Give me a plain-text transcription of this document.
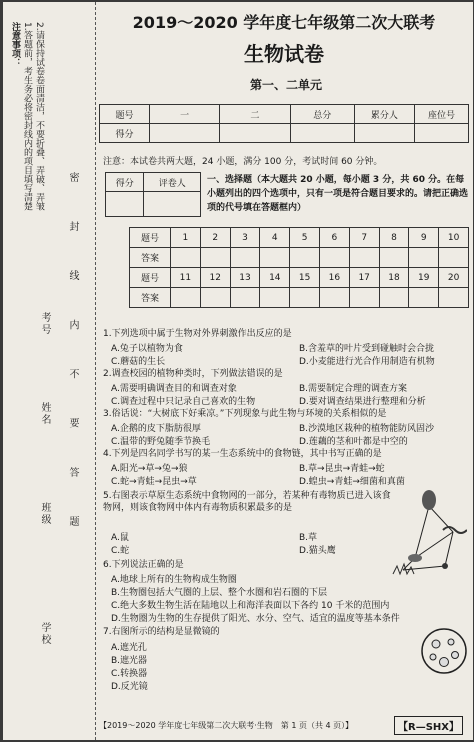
注意事项： 1.答题前，考生务必将密封线内的项目填写清楚 2.请保持试卷卷面清洁，不要折叠、弄破、弄皱
学校
班级
姓名
考号 密 封 线 内 不 要 答 题
2019～2020 学年度七年级第二次大联考
生物试卷
第一、二单元
题号	一	二	总分	累分人	座位号
得分					
注意：本试卷共两大题，24 小题，满分 100 分，考试时间 60 分钟。
得分	评卷人
	一、选择题（本大题共 20 小题，每小题 3 分，共 60 分。在每小题列出的四个选项中，只有一项是符合题目要求的。请把正确选项的代号填在答题框内）
题号	1	2	3	4	5	6	7	8	9	10
答案										
题号	11	12	13	14	15	16	17	18	19	20
答案										
1.下列选项中属于生物对外界刺激作出反应的是
A.兔子以植物为食	B.含羞草的叶片受到碰触时会合拢
C.蘑菇的生长	D.小麦能进行光合作用制造有机物
2.调查校园的植物种类时，下列做法错误的是
A.需要明确调查目的和调查对象	B.需要制定合理的调查方案
C.调查过程中只记录自己喜欢的生物	D.要对调查结果进行整理和分析
3.俗话说：“大树底下好乘凉。”下列现象与此生物与环境的关系相似的是
A.企鹅的皮下脂肪很厚	B.沙漠地区栽种的植物能防风固沙
C.温带的野兔随季节换毛	D.莲藕的茎和叶都是中空的
4.下列是四名同学书写的某一生态系统中的食物链，其中书写正确的是
A.阳光→草→兔→狼	B.草→昆虫→青蛙→蛇
C.蛇→青蛙→昆虫→草	D.蝗虫→青蛙→细菌和真菌
5.右图表示草原生态系统中食物网的一部分，若某种有毒物质已进入该食物网，则该食物网中体内有毒物质积累最多的是
A.鼠	B.草
C.蛇	D.猫头鹰
6.下列说法正确的是
A.地球上所有的生物构成生物圈
B.生物圈包括大气圈的上层、整个水圈和岩石圈的下层
C.绝大多数生物生活在陆地以上和海洋表面以下各约 10 千米的范围内
D.生物圈为生物的生存提供了阳光、水分、空气、适宜的温度等基本条件
7.右图所示的结构是显微镜的
A.遮光孔
B.遮光器
C.转换器
D.反光镜
【2019～2020 学年度七年级第二次大联考·生物　第 1 页（共 4 页）】	【R—SHX】
